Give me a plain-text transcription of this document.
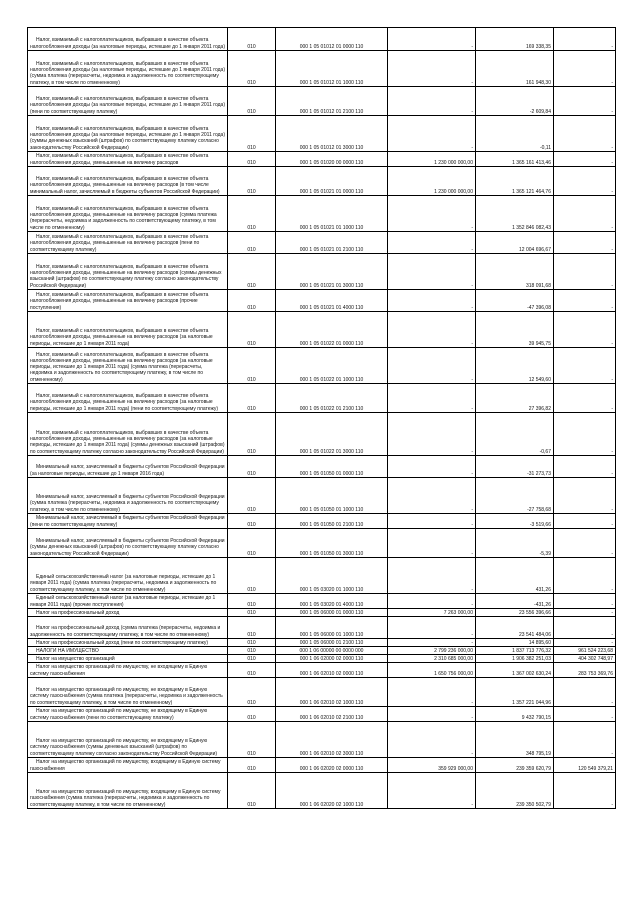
Налог, взимаемый с налогоплательщиков, выбравших в качестве объекта налогообложения доходы (за налоговые периоды, истекшие до 1 января 2011 года)	010	000 1 05 01012 01 0000 110	-	169 338,35	-

Налог, взимаемый с налогоплательщиков, выбравших в качестве объекта налогообложения доходы (за налоговые периоды, истекшие до 1 января 2011 года) (сумма платежа (перерасчеты, недоимка и задолженность по соответствующему платежу, в том числе по отмененному)	010	000 1 05 01012 01 1000 110	-	161 948,30	-

Налог, взимаемый с налогоплательщиков, выбравших в качестве объекта налогообложения доходы (за налоговые периоды, истекшие до 1 января 2011 года) (пени по соответствующему платежу)	010	000 1 05 01012 01 2100 110	-	-2 609,84	-

Налог, взимаемый с налогоплательщиков, выбравших в качестве объекта налогообложения доходы (за налоговые периоды, истекшие до 1 января 2011 года) (суммы денежных взысканий (штрафов) по соответствующему платежу согласно законодательству Российской Федерации)	010	000 1 05 01012 01 3000 110	-	-0,11	-

Налог, взимаемый с налогоплательщиков, выбравших в качестве объекта налогообложения доходы, уменьшенные на величину расходов	010	000 1 05 01020 00 0000 110	1 230 000 000,00	1 365 161 413,46	-

Налог, взимаемый с налогоплательщиков, выбравших в качестве объекта налогообложения доходы, уменьшенные на величину расходов (в том числе минимальный налог, зачисляемый в бюджеты субъектов Российской Федерации)	010	000 1 05 01021 01 0000 110	1 230 000 000,00	1 365 121 464,76	-

Налог, взимаемый с налогоплательщиков, выбравших в качестве объекта налогообложения доходы, уменьшенные на величину расходов (сумма платежа (перерасчеты, недоимка и задолженность по соответствующему платежу, в том числе по отмененному)	010	000 1 05 01021 01 1000 110	-	1 352 846 082,43	-

Налог, взимаемый с налогоплательщиков, выбравших в качестве объекта налогообложения доходы, уменьшенные на величину расходов (пени по соответствующему платежу)	010	000 1 05 01021 01 2100 110	-	12 004 696,67	-

Налог, взимаемый с налогоплательщиков, выбравших в качестве объекта налогообложения доходы, уменьшенные на величину расходов (суммы денежных взысканий (штрафов) по соответствующему платежу согласно законодательству Российской Федерации)	010	000 1 05 01021 01 3000 110	-	318 091,68	-

Налог, взимаемый с налогоплательщиков, выбравших в качестве объекта налогообложения доходы, уменьшенные на величину расходов (прочие поступления)	010	000 1 05 01021 01 4000 110	-	-47 396,08	-

Налог, взимаемый с налогоплательщиков, выбравших в качестве объекта налогообложения доходы, уменьшенные на величину расходов (за налоговые периоды, истекшие до 1 января 2011 года)	010	000 1 05 01022 01 0000 110	-	39 945,75	-

Налог, взимаемый с налогоплательщиков, выбравших в качестве объекта налогообложения доходы, уменьшенные на величину расходов (за налоговые периоды, истекшие до 1 января 2011 года) (сумма платежа (перерасчеты, недоимка и задолженность по соответствующему платежу, в том числе по отмененному)	010	000 1 05 01022 01 1000 110	-	12 549,60	-

Налог, взимаемый с налогоплательщиков, выбравших в качестве объекта налогообложения доходы, уменьшенные на величину расходов (за налоговые периоды, истекшие до 1 января 2011 года) (пени по соответствующему платежу)	010	000 1 05 01022 01 2100 110	-	27 396,82	-

Налог, взимаемый с налогоплательщиков, выбравших в качестве объекта налогообложения доходы, уменьшенные на величину расходов (за налоговые периоды, истекшие до 1 января 2011 года) (суммы денежных взысканий (штрафов) по соответствующему платежу согласно законодательству Российской Федерации)	010	000 1 05 01022 01 3000 110	-	-0,67	-

Минимальный налог, зачисляемый в бюджеты субъектов Российской Федерации (за налоговые периоды, истекшие до 1 января 2016 года)	010	000 1 05 01050 01 0000 110	-	-31 273,73	-

Минимальный налог, зачисляемый в бюджеты субъектов Российской Федерации (сумма платежа (перерасчеты, недоимка и задолженность по соответствующему платежу, в том числе по отмененному)	010	000 1 05 01050 01 1000 110	-	-27 758,68	-

Минимальный налог, зачисляемый в бюджеты субъектов Российской Федерации (пени по соответствующему платежу)	010	000 1 05 01050 01 2100 110	-	-3 519,66	-

Минимальный налог, зачисляемый в бюджеты субъектов Российской Федерации (суммы денежных взысканий (штрафов) по соответствующему платежу согласно законодательству Российской Федерации)	010	000 1 05 01050 01 3000 110	-	-5,39	-

Единый сельскохозяйственный налог (за налоговые периоды, истекшие до 1 января 2011 года) (сумма платежа (перерасчеты, недоимка и задолженность по соответствующему платежу, в том числе по отмененному)	010	000 1 05 03020 01 1000 110	-	431,26	-

Единый сельскохозяйственный налог (за налоговые периоды, истекшие до 1 января 2011 года) (прочие поступления)	010	000 1 05 03020 01 4000 110	-	-431,26	-

Налог на профессиональный доход	010	000 1 05 06000 01 0000 110	7 263 000,00	23 556 396,66	-

Налог на профессиональный доход (сумма платежа (перерасчеты, недоимка и задолженность по соответствующему платежу, в том числе по отмененному)	010	000 1 05 06000 01 1000 110	-	23 541 484,06	-

Налог на профессиональный доход (пени по соответствующему платежу)	010	000 1 05 06000 01 2100 110	-	14 895,60	-

НАЛОГИ НА ИМУЩЕСТВО	010	000 1 06 00000 00 0000 000	2 799 236 000,00	1 837 713 776,32	961 524 223,68

Налог на имущество организаций	010	000 1 06 02000 02 0000 110	2 310 685 000,00	1 906 382 251,03	404 302 748,97

Налог на имущество организаций по имуществу, не входящему в Единую систему газоснабжения	010	000 1 06 02010 02 0000 110	1 650 756 000,00	1 367 002 630,24	283 753 369,76

Налог на имущество организаций по имуществу, не входящему в Единую систему газоснабжения (сумма платежа (перерасчеты, недоимка и задолженность по соответствующему платежу, в том числе по отмененному)	010	000 1 06 02010 02 1000 110	-	1 357 221 044,96	-

Налог на имущество организаций по имуществу, не входящему в Единую систему газоснабжения (пени по соответствующему платежу)	010	000 1 06 02010 02 2100 110	-	9 432 790,15	-

Налог на имущество организаций по имуществу, не входящему в Единую систему газоснабжения (суммы денежных взысканий (штрафов) по соответствующему платежу согласно законодательству Российской Федерации)	010	000 1 06 02010 02 3000 110	-	348 795,19	-

Налог на имущество организаций по имуществу, входящему в Единую систему газоснабжения	010	000 1 06 02020 02 0000 110	359 929 000,00	239 359 620,79	120 549 379,21

Налог на имущество организаций по имуществу, входящему в Единую систему газоснабжения (сумма платежа (перерасчеты, недоимка и задолженность по соответствующему платежу, в том числе по отмененному)	010	000 1 06 02020 02 1000 110	-	239 350 502,79	-
